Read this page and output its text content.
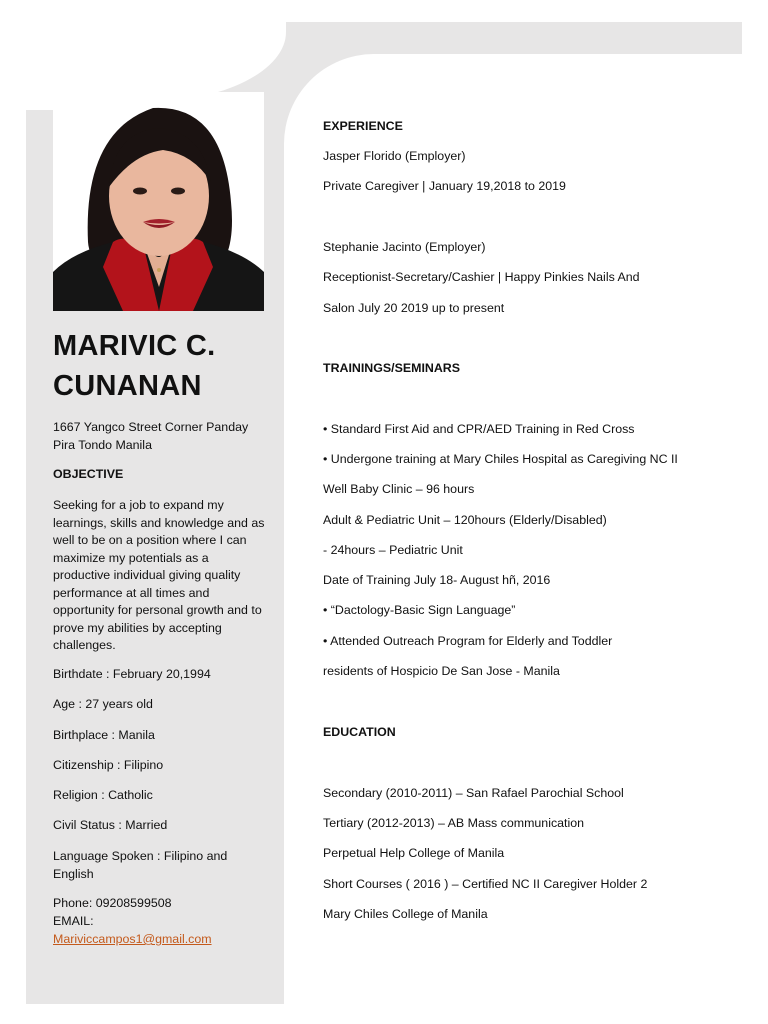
MARIVIC C.
CUNANAN
1667 Yangco Street Corner Panday Pira Tondo Manila
OBJECTIVE
Seeking for a job to expand my learnings, skills and knowledge and as well to be on a position where I can maximize my potentials as a productive individual giving quality performance at all times and opportunity for personal growth and to prove my abilities by accepting challenges.
Birthdate : February 20,1994
Age : 27 years old
Birthplace : Manila
Citizenship : Filipino
Religion : Catholic
Civil Status : Married
Language Spoken : Filipino and English
Phone: 09208599508
EMAIL:
Mariviccampos1@gmail.com
EXPERIENCE
Jasper Florido (Employer)
Private Caregiver | January 19,2018 to 2019
Stephanie Jacinto (Employer)
Receptionist-Secretary/Cashier | Happy Pinkies Nails And
Salon July 20 2019 up to present
TRAININGS/SEMINARS
• Standard First Aid and CPR/AED Training in Red Cross
• Undergone training at Mary Chiles Hospital as Caregiving NC II
Well Baby Clinic – 96 hours
Adult & Pediatric Unit – 120hours (Elderly/Disabled)
- 24hours – Pediatric Unit
Date of Training July 18- August hñ, 2016
• “Dactology-Basic Sign Language”
• Attended Outreach Program for Elderly and Toddler
residents of Hospicio De San Jose - Manila
EDUCATION
Secondary (2010-2011) – San Rafael Parochial School
Tertiary (2012-2013) – AB Mass communication
Perpetual Help College of Manila
Short Courses ( 2016 ) – Certified NC II Caregiver Holder 2
Mary Chiles College of Manila
